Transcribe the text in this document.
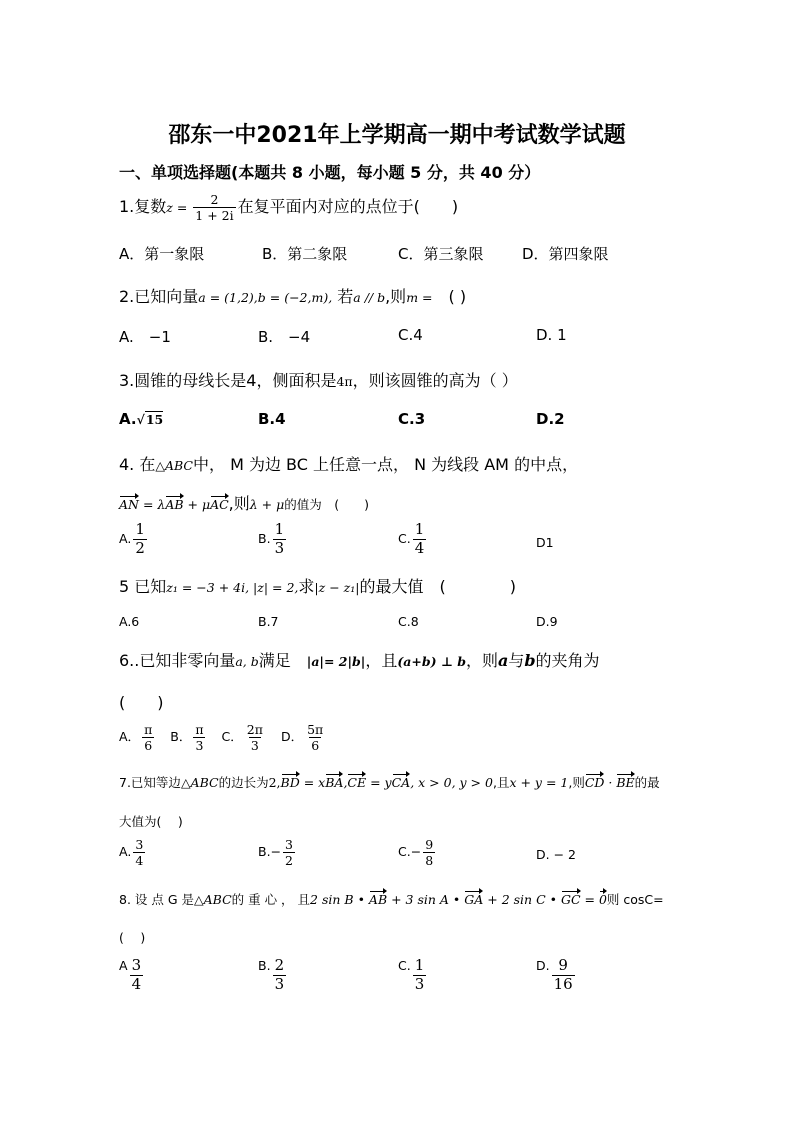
邵东一中2021年上学期高一期中考试数学试题
一、单项选择题(本题共 8 小题，每小题 5 分，共 40 分）
1.复数$z = \frac{2}{1 + 2i}$ 在复平面内对应的点位于(　　)
A．第一象限	B．第二象限	C．第三象限	D．第四象限
2.已知向量a = (1,2),b = (−2,m), 若a // b,则m =　( )
A.　−1	B.　−4	C.4	D. 1
3.圆锥的母线长是4，侧面积是4π，则该圆锥的高为（ ）
A.√15	B.4	C.3	D.2
4. 在△ABC中， M 为边 BC 上任意一点， N 为线段 AM 的中点，
AN = λAB + μAC,则λ + μ的值为　(　　)
A. $\frac{1}{2}$	B. $\frac{1}{3}$	C. $\frac{1}{4}$	D1
5 已知z₁ = −3 + 4i, |z| = 2,求|z − z₁|的最大值　(　　　　)
A.6	B.7	C.8	D.9
6..已知非零向量a, b满足　|a|= 2|b|，且(a+b) ⊥ b，则a与b的夹角为
(　　)
A． $\frac{\pi}{6}$ B． $\frac{\pi}{3}$ C． $\frac{2\pi}{3}$ D． $\frac{5\pi}{6}$
7.已知等边△ABC的边长为2,BD = xBA,CE = yCA, x > 0, y > 0,且x + y = 1,则CD · BE的最
大值为(　 )
A. $\frac{3}{4}$	$B.- \frac{3}{2}$	$C.- \frac{9}{8}$	D. − 2
8. 设 点 G 是△ABC的 重 心 ， 且2 sin B • AB + 3 sin A • GA + 2 sin C • GC = 0则 cosC=
(　 )
A $\frac{3}{4}$	B. $\frac{2}{3}$	C. $\frac{1}{3}$	D. $\frac{9}{16}$
